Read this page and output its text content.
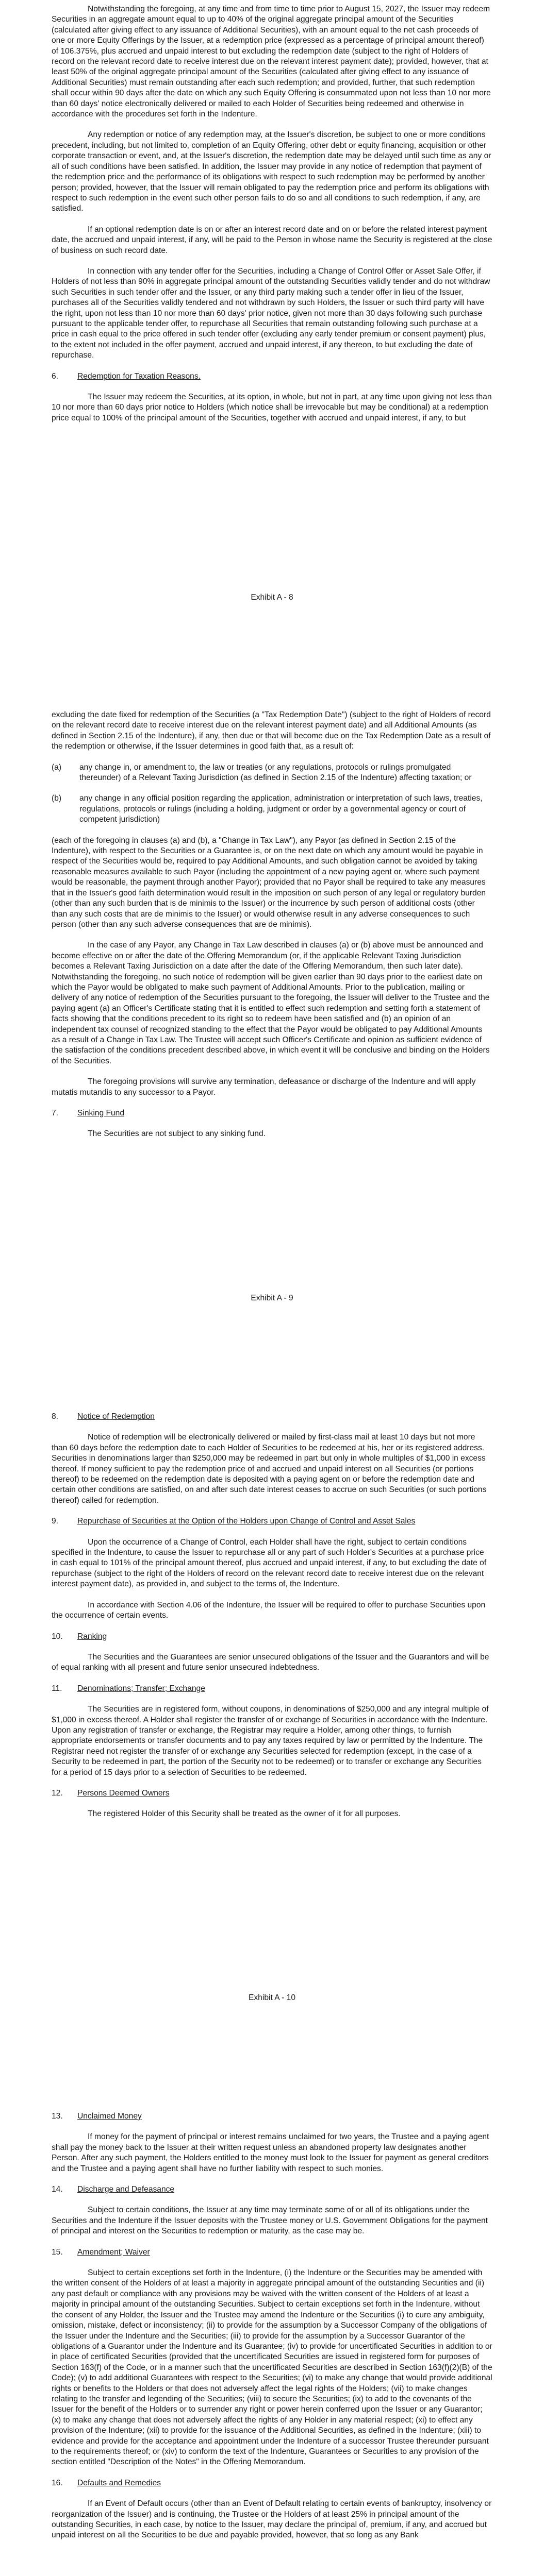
Notwithstanding the foregoing, at any time and from time to time prior to August 15, 2027, the Issuer may redeem Securities in an aggregate amount equal to up to 40% of the original aggregate principal amount of the Securities (calculated after giving effect to any issuance of Additional Securities), with an amount equal to the net cash proceeds of one or more Equity Offerings by the Issuer, at a redemption price (expressed as a percentage of principal amount thereof) of 106.375%, plus accrued and unpaid interest to but excluding the redemption date (subject to the right of Holders of record on the relevant record date to receive interest due on the relevant interest payment date); provided, however, that at least 50% of the original aggregate principal amount of the Securities (calculated after giving effect to any issuance of Additional Securities) must remain outstanding after each such redemption; and provided, further, that such redemption shall occur within 90 days after the date on which any such Equity Offering is consummated upon not less than 10 nor more than 60 days' notice electronically delivered or mailed to each Holder of Securities being redeemed and otherwise in accordance with the procedures set forth in the Indenture.

Any redemption or notice of any redemption may, at the Issuer's discretion, be subject to one or more conditions precedent, including, but not limited to, completion of an Equity Offering, other debt or equity financing, acquisition or other corporate transaction or event, and, at the Issuer's discretion, the redemption date may be delayed until such time as any or all of such conditions have been satisfied. In addition, the Issuer may provide in any notice of redemption that payment of the redemption price and the performance of its obligations with respect to such redemption may be performed by another person; provided, however, that the Issuer will remain obligated to pay the redemption price and perform its obligations with respect to such redemption in the event such other person fails to do so and all conditions to such redemption, if any, are satisfied.

If an optional redemption date is on or after an interest record date and on or before the related interest payment date, the accrued and unpaid interest, if any, will be paid to the Person in whose name the Security is registered at the close of business on such record date.

In connection with any tender offer for the Securities, including a Change of Control Offer or Asset Sale Offer, if Holders of not less than 90% in aggregate principal amount of the outstanding Securities validly tender and do not withdraw such Securities in such tender offer and the Issuer, or any third party making such a tender offer in lieu of the Issuer, purchases all of the Securities validly tendered and not withdrawn by such Holders, the Issuer or such third party will have the right, upon not less than 10 nor more than 60 days' prior notice, given not more than 30 days following such purchase pursuant to the applicable tender offer, to repurchase all Securities that remain outstanding following such purchase at a price in cash equal to the price offered in such tender offer (excluding any early tender premium or consent payment) plus, to the extent not included in the offer payment, accrued and unpaid interest, if any thereon, to but excluding the date of repurchase.

6.	Redemption for Taxation Reasons.

The Issuer may redeem the Securities, at its option, in whole, but not in part, at any time upon giving not less than 10 nor more than 60 days prior notice to Holders (which notice shall be irrevocable but may be conditional) at a redemption price equal to 100% of the principal amount of the Securities, together with accrued and unpaid interest, if any, to but

Exhibit A - 8

excluding the date fixed for redemption of the Securities (a "Tax Redemption Date") (subject to the right of Holders of record on the relevant record date to receive interest due on the relevant interest payment date) and all Additional Amounts (as defined in Section 2.15 of the Indenture), if any, then due or that will become due on the Tax Redemption Date as a result of the redemption or otherwise, if the Issuer determines in good faith that, as a result of:

(a)	any change in, or amendment to, the law or treaties (or any regulations, protocols or rulings promulgated thereunder) of a Relevant Taxing Jurisdiction (as defined in Section 2.15 of the Indenture) affecting taxation; or
(b)	any change in any official position regarding the application, administration or interpretation of such laws, treaties, regulations, protocols or rulings (including a holding, judgment or order by a governmental agency or court of competent jurisdiction)

(each of the foregoing in clauses (a) and (b), a "Change in Tax Law"), any Payor (as defined in Section 2.15 of the Indenture), with respect to the Securities or a Guarantee is, or on the next date on which any amount would be payable in respect of the Securities would be, required to pay Additional Amounts, and such obligation cannot be avoided by taking reasonable measures available to such Payor (including the appointment of a new paying agent or, where such payment would be reasonable, the payment through another Payor); provided that no Payor shall be required to take any measures that in the Issuer's good faith determination would result in the imposition on such person of any legal or regulatory burden (other than any such burden that is de minimis to the Issuer) or the incurrence by such person of additional costs (other than any such costs that are de minimis to the Issuer) or would otherwise result in any adverse consequences to such person (other than any such adverse consequences that are de minimis).

In the case of any Payor, any Change in Tax Law described in clauses (a) or (b) above must be announced and become effective on or after the date of the Offering Memorandum (or, if the applicable Relevant Taxing Jurisdiction becomes a Relevant Taxing Jurisdiction on a date after the date of the Offering Memorandum, then such later date). Notwithstanding the foregoing, no such notice of redemption will be given earlier than 90 days prior to the earliest date on which the Payor would be obligated to make such payment of Additional Amounts. Prior to the publication, mailing or delivery of any notice of redemption of the Securities pursuant to the foregoing, the Issuer will deliver to the Trustee and the paying agent (a) an Officer's Certificate stating that it is entitled to effect such redemption and setting forth a statement of facts showing that the conditions precedent to its right so to redeem have been satisfied and (b) an opinion of an independent tax counsel of recognized standing to the effect that the Payor would be obligated to pay Additional Amounts as a result of a Change in Tax Law. The Trustee will accept such Officer's Certificate and opinion as sufficient evidence of the satisfaction of the conditions precedent described above, in which event it will be conclusive and binding on the Holders of the Securities.

The foregoing provisions will survive any termination, defeasance or discharge of the Indenture and will apply mutatis mutandis to any successor to a Payor.

7.	Sinking Fund

The Securities are not subject to any sinking fund.

Exhibit A - 9
8.	Notice of Redemption

Notice of redemption will be electronically delivered or mailed by first-class mail at least 10 days but not more than 60 days before the redemption date to each Holder of Securities to be redeemed at his, her or its registered address. Securities in denominations larger than $250,000 may be redeemed in part but only in whole multiples of $1,000 in excess thereof. If money sufficient to pay the redemption price of and accrued and unpaid interest on all Securities (or portions thereof) to be redeemed on the redemption date is deposited with a paying agent on or before the redemption date and certain other conditions are satisfied, on and after such date interest ceases to accrue on such Securities (or such portions thereof) called for redemption.

9.	Repurchase of Securities at the Option of the Holders upon Change of Control and Asset Sales

Upon the occurrence of a Change of Control, each Holder shall have the right, subject to certain conditions specified in the Indenture, to cause the Issuer to repurchase all or any part of such Holder's Securities at a purchase price in cash equal to 101% of the principal amount thereof, plus accrued and unpaid interest, if any, to but excluding the date of repurchase (subject to the right of the Holders of record on the relevant record date to receive interest due on the relevant interest payment date), as provided in, and subject to the terms of, the Indenture.

In accordance with Section 4.06 of the Indenture, the Issuer will be required to offer to purchase Securities upon the occurrence of certain events.

10.	Ranking

The Securities and the Guarantees are senior unsecured obligations of the Issuer and the Guarantors and will be of equal ranking with all present and future senior unsecured indebtedness.

11.	Denominations; Transfer; Exchange

The Securities are in registered form, without coupons, in denominations of $250,000 and any integral multiple of $1,000 in excess thereof. A Holder shall register the transfer of or exchange of Securities in accordance with the Indenture. Upon any registration of transfer or exchange, the Registrar may require a Holder, among other things, to furnish appropriate endorsements or transfer documents and to pay any taxes required by law or permitted by the Indenture. The Registrar need not register the transfer of or exchange any Securities selected for redemption (except, in the case of a Security to be redeemed in part, the portion of the Security not to be redeemed) or to transfer or exchange any Securities for a period of 15 days prior to a selection of Securities to be redeemed.

12.	Persons Deemed Owners

The registered Holder of this Security shall be treated as the owner of it for all purposes.

Exhibit A - 10
13.	Unclaimed Money

If money for the payment of principal or interest remains unclaimed for two years, the Trustee and a paying agent shall pay the money back to the Issuer at their written request unless an abandoned property law designates another Person. After any such payment, the Holders entitled to the money must look to the Issuer for payment as general creditors and the Trustee and a paying agent shall have no further liability with respect to such monies.

14.	Discharge and Defeasance

Subject to certain conditions, the Issuer at any time may terminate some of or all of its obligations under the Securities and the Indenture if the Issuer deposits with the Trustee money or U.S. Government Obligations for the payment of principal and interest on the Securities to redemption or maturity, as the case may be.

15.	Amendment; Waiver

Subject to certain exceptions set forth in the Indenture, (i) the Indenture or the Securities may be amended with the written consent of the Holders of at least a majority in aggregate principal amount of the outstanding Securities and (ii) any past default or compliance with any provisions may be waived with the written consent of the Holders of at least a majority in principal amount of the outstanding Securities. Subject to certain exceptions set forth in the Indenture, without the consent of any Holder, the Issuer and the Trustee may amend the Indenture or the Securities (i) to cure any ambiguity, omission, mistake, defect or inconsistency; (ii) to provide for the assumption by a Successor Company of the obligations of the Issuer under the Indenture and the Securities; (iii) to provide for the assumption by a Successor Guarantor of the obligations of a Guarantor under the Indenture and its Guarantee; (iv) to provide for uncertificated Securities in addition to or in place of certificated Securities (provided that the uncertificated Securities are issued in registered form for purposes of Section 163(f) of the Code, or in a manner such that the uncertificated Securities are described in Section 163(f)(2)(B) of the Code); (v) to add additional Guarantees with respect to the Securities; (vi) to make any change that would provide additional rights or benefits to the Holders or that does not adversely affect the legal rights of the Holders; (vii) to make changes relating to the transfer and legending of the Securities; (viii) to secure the Securities; (ix) to add to the covenants of the Issuer for the benefit of the Holders or to surrender any right or power herein conferred upon the Issuer or any Guarantor; (x) to make any change that does not adversely affect the rights of any Holder in any material respect; (xi) to effect any provision of the Indenture; (xii) to provide for the issuance of the Additional Securities, as defined in the Indenture; (xiii) to evidence and provide for the acceptance and appointment under the Indenture of a successor Trustee thereunder pursuant to the requirements thereof; or (xiv) to conform the text of the Indenture, Guarantees or Securities to any provision of the section entitled "Description of the Notes" in the Offering Memorandum.

16.	Defaults and Remedies

If an Event of Default occurs (other than an Event of Default relating to certain events of bankruptcy, insolvency or reorganization of the Issuer) and is continuing, the Trustee or the Holders of at least 25% in principal amount of the outstanding Securities, in each case, by notice to the Issuer, may declare the principal of, premium, if any, and accrued but unpaid interest on all the Securities to be due and payable provided, however, that so long as any Bank
